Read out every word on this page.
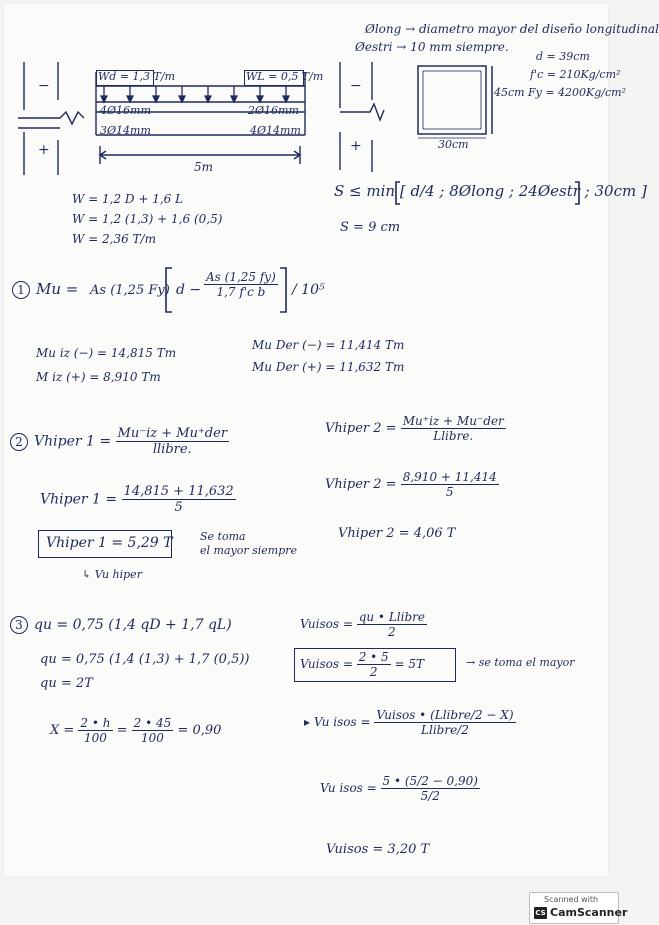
Ølong → diametro mayor del diseño longitudinal
Øestri → 10 mm siempre.
Wd = 1,3 T/m	WL = 0,5 T/m
4Ø16mm	2Ø16mm
3Ø14mm	4Ø14mm
5m
−
+
−
+
45cm
30cm
d = 39cm
f'c = 210Kg/cm²
Fy = 4200Kg/cm²
W = 1,2 D + 1,6 L
W = 1,2 (1,3) + 1,6 (0,5)
W = 2,36 T/m
S ≤ min [ d/4 ; 8Ølong ; 24Øestr ; 30cm ]
S = 9 cm
1 Mu = As (1,25 Fy) $d - \frac{As (1,25 fy)}{\text{1,7 f'c b}} / 10^5$
Mu iz (−) = 14,815 Tm
M iz (+) = 8,910 Tm
Mu Der (−) = 11,414 Tm
Mu Der (+) = 11,632 Tm
2 Vhiper $1 = \frac{\text{Mu⁻iz + Mu⁺der}}{\text{llibre.}}$
Vhiper $1 = \frac{14,815 + 11,632}{5}$
Vhiper 1 = 5,29 T	Se toma
el mayor siempre
↳ Vu hiper
Vhiper $2 = \frac{\text{Mu⁺iz + Mu⁻der}}{\text{Llibre.}}$
Vhiper $2 = \frac{8,910 + 11,414}{5}$
Vhiper 2 = 4,06 T
3 qu = 0,75 (1,4 qD + 1,7 qL)
qu = 0,75 (1,4 (1,3) + 1,7 (0,5))
qu = 2T
$X = \frac{2 • h}{100} = \frac{2 • 45}{100} = 0,90$
Vuisos = $\frac{\text{qu • Llibre}}{2}$
Vuisos = $\frac{2 • 5}{2} = 5T$	→ se toma el mayor
▸ Vu isos = $\frac{\text{Vuisos • (Llibre/2 − X)}}{\text{Llibre/2}}$
Vu isos = $\frac{5 • (5/2 - 0,90)}{5/2}$
Vuisos = 3,20 T
Scanned with
CS CamScanner
